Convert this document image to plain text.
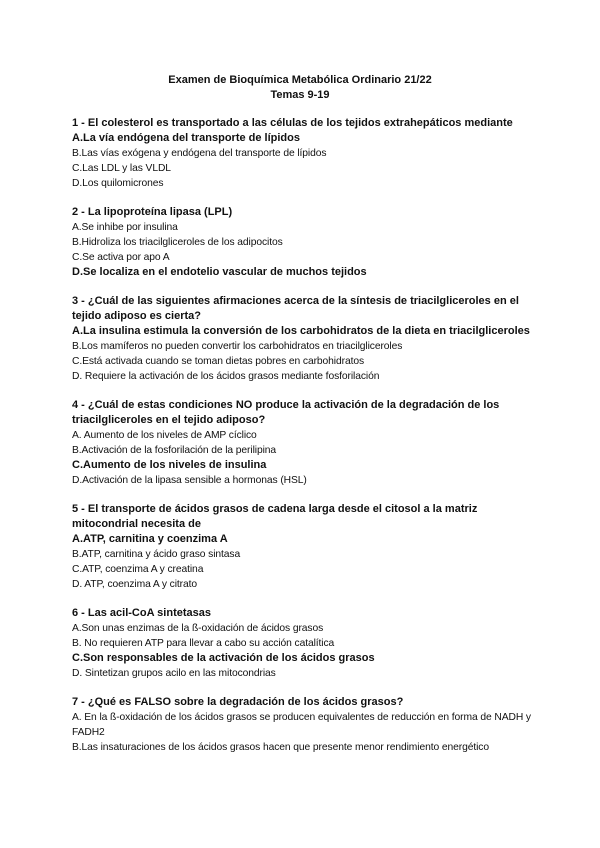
Examen de Bioquímica Metabólica Ordinario 21/22
Temas 9-19
1 - El colesterol es transportado a las células de los tejidos extrahepáticos mediante
A.La vía endógena del transporte de lípidos
B.Las vías exógena y endógena del transporte de lípidos
C.Las LDL y las VLDL
D.Los quilomicrones
2 - La lipoproteína lipasa (LPL)
A.Se inhibe por insulina
B.Hidroliza los triacilgliceroles de los adipocitos
C.Se activa por apo A
D.Se localiza en el endotelio vascular de muchos tejidos
3 - ¿Cuál de las siguientes afirmaciones acerca de la síntesis de triacilgliceroles en el tejido adiposo es cierta?
A.La insulina estimula la conversión de los carbohidratos de la dieta en triacilgliceroles
B.Los mamíferos no pueden convertir los carbohidratos en triacilgliceroles
C.Está activada cuando se toman dietas pobres en carbohidratos
D. Requiere la activación de los ácidos grasos mediante fosforilación
4 - ¿Cuál de estas condiciones NO produce la activación de la degradación de los triacilgliceroles en el tejido adiposo?
A. Aumento de los niveles de AMP cíclico
B.Activación de la fosforilación de la perilipina
C.Aumento de los niveles de insulina
D.Activación de la lipasa sensible a hormonas (HSL)
5 - El transporte de ácidos grasos de cadena larga desde el citosol a la matriz mitocondrial necesita de
A.ATP, carnitina y coenzima A
B.ATP, carnitina y ácido graso sintasa
C.ATP, coenzima A y creatina
D. ATP, coenzima A y citrato
6 - Las acil-CoA sintetasas
A.Son unas enzimas de la ß-oxidación de ácidos grasos
B. No requieren ATP para llevar a cabo su acción catalítica
C.Son responsables de la activación de los ácidos grasos
D. Sintetizan grupos acilo en las mitocondrias
7 - ¿Qué es FALSO sobre la degradación de los ácidos grasos?
A. En la ß-oxidación de los ácidos grasos se producen equivalentes de reducción en forma de NADH y FADH2
B.Las insaturaciones de los ácidos grasos hacen que presente menor rendimiento energético
